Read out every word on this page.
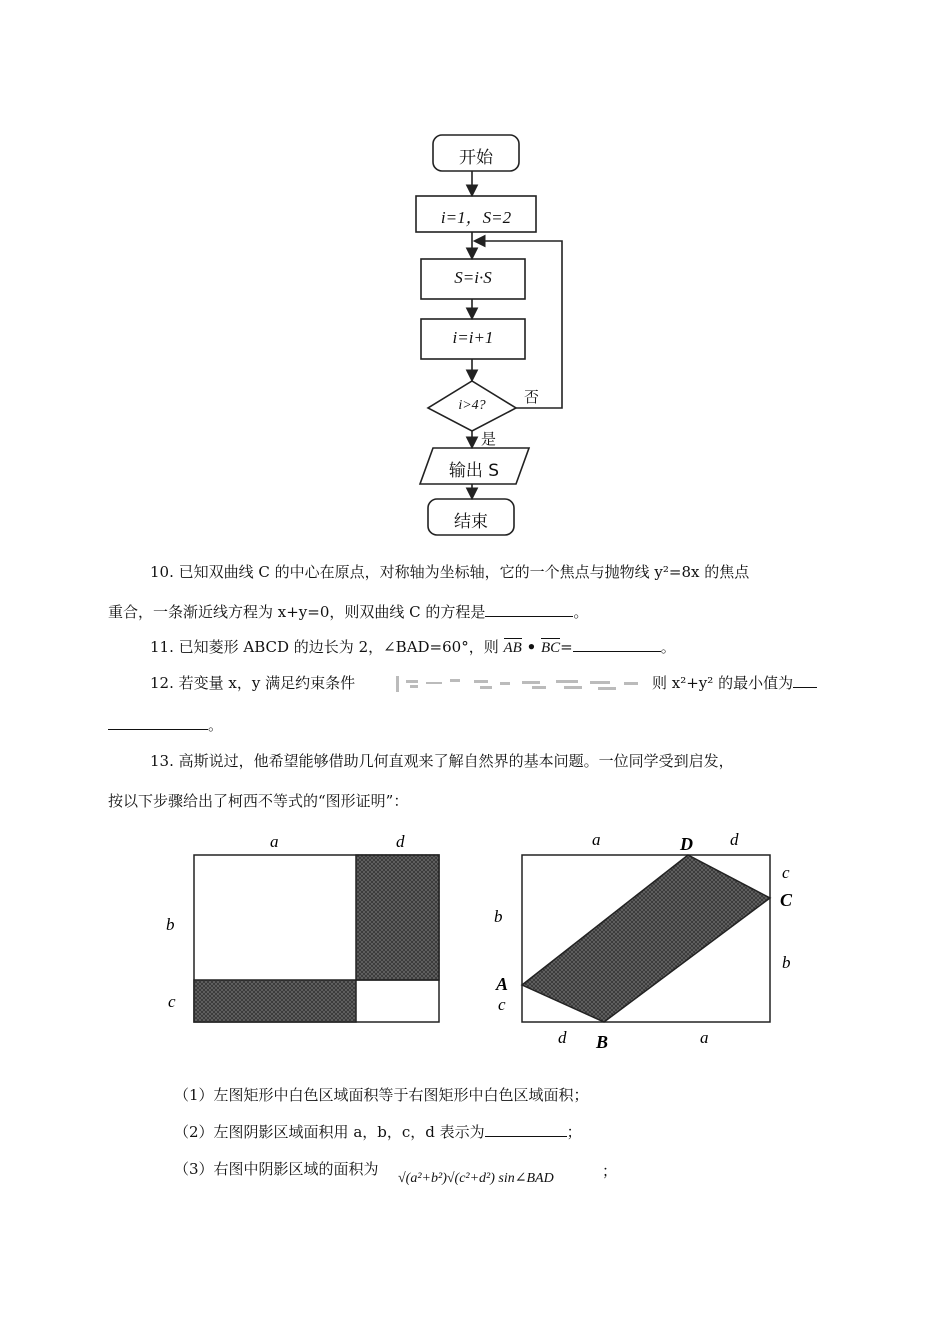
开始
i=1，S=2
S=i·S
i=i+1
i>4?	否
是
输出 S
结束
10. 已知双曲线 C 的中心在原点，对称轴为坐标轴，它的一个焦点与抛物线 y²=8x 的焦点
重合，一条渐近线方程为 x+y=0，则双曲线 C 的方程是	。
11. 已知菱形 ABCD 的边长为 2，∠BAD=60°，则 AB • BC=	。
12. 若变量 x，y 满足约束条件	则 x²+y² 的最小值为
。
13. 高斯说过，他希望能够借助几何直观来了解自然界的基本问题。一位同学受到启发，
按以下步骤给出了柯西不等式的“图形证明”：
a	d
b
c
a	d
c
b
b
c
d	a
D
C
A
B
（1）左图矩形中白色区域面积等于右图矩形中白色区域面积；
（2）左图阴影区域面积用 a，b，c，d 表示为	；
（3）右图中阴影区域的面积为
√(a²+b²)√(c²+d²) sin∠BAD	；
